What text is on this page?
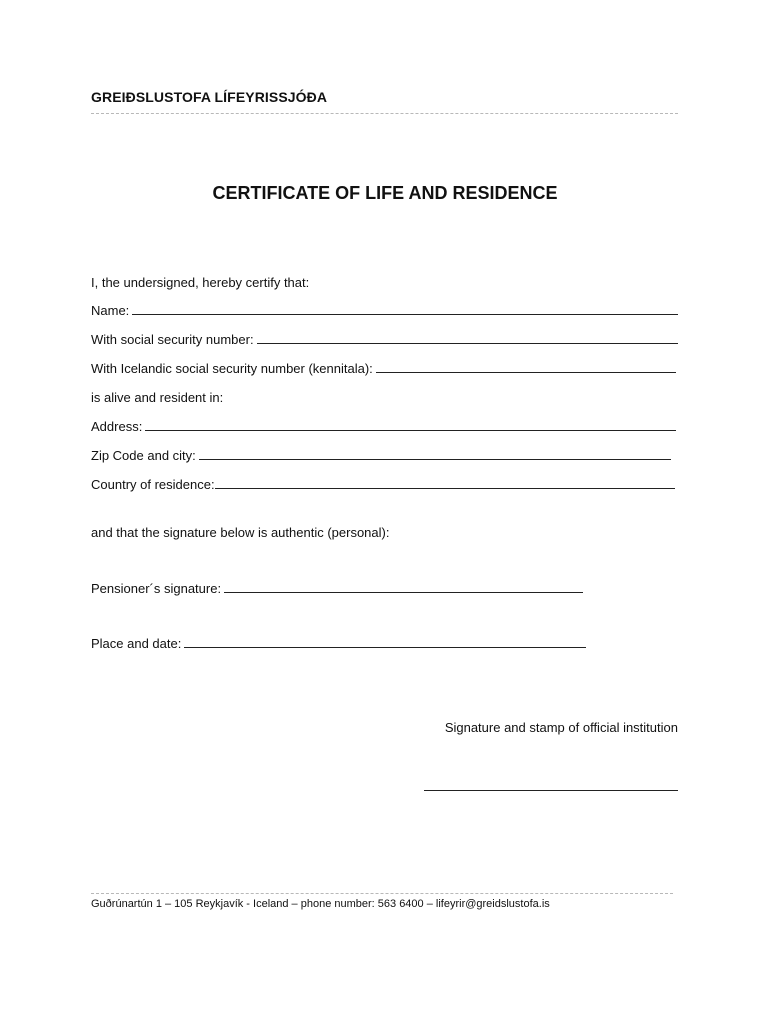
GREIÐSLUSTOFA LÍFEYRISSJÓÐA
CERTIFICATE OF LIFE AND RESIDENCE
I, the undersigned, hereby certify that:
Name:
With social security number:
With Icelandic social security number (kennitala):
is alive and resident in:
Address:
Zip Code and city:
Country of residence:
and that the signature below is authentic (personal):
Pensioner´s signature:
Place and date:
Signature and stamp of official institution
Guðrúnartún 1 – 105 Reykjavík - Iceland – phone number: 563 6400 – lifeyrir@greidslustofa.is
